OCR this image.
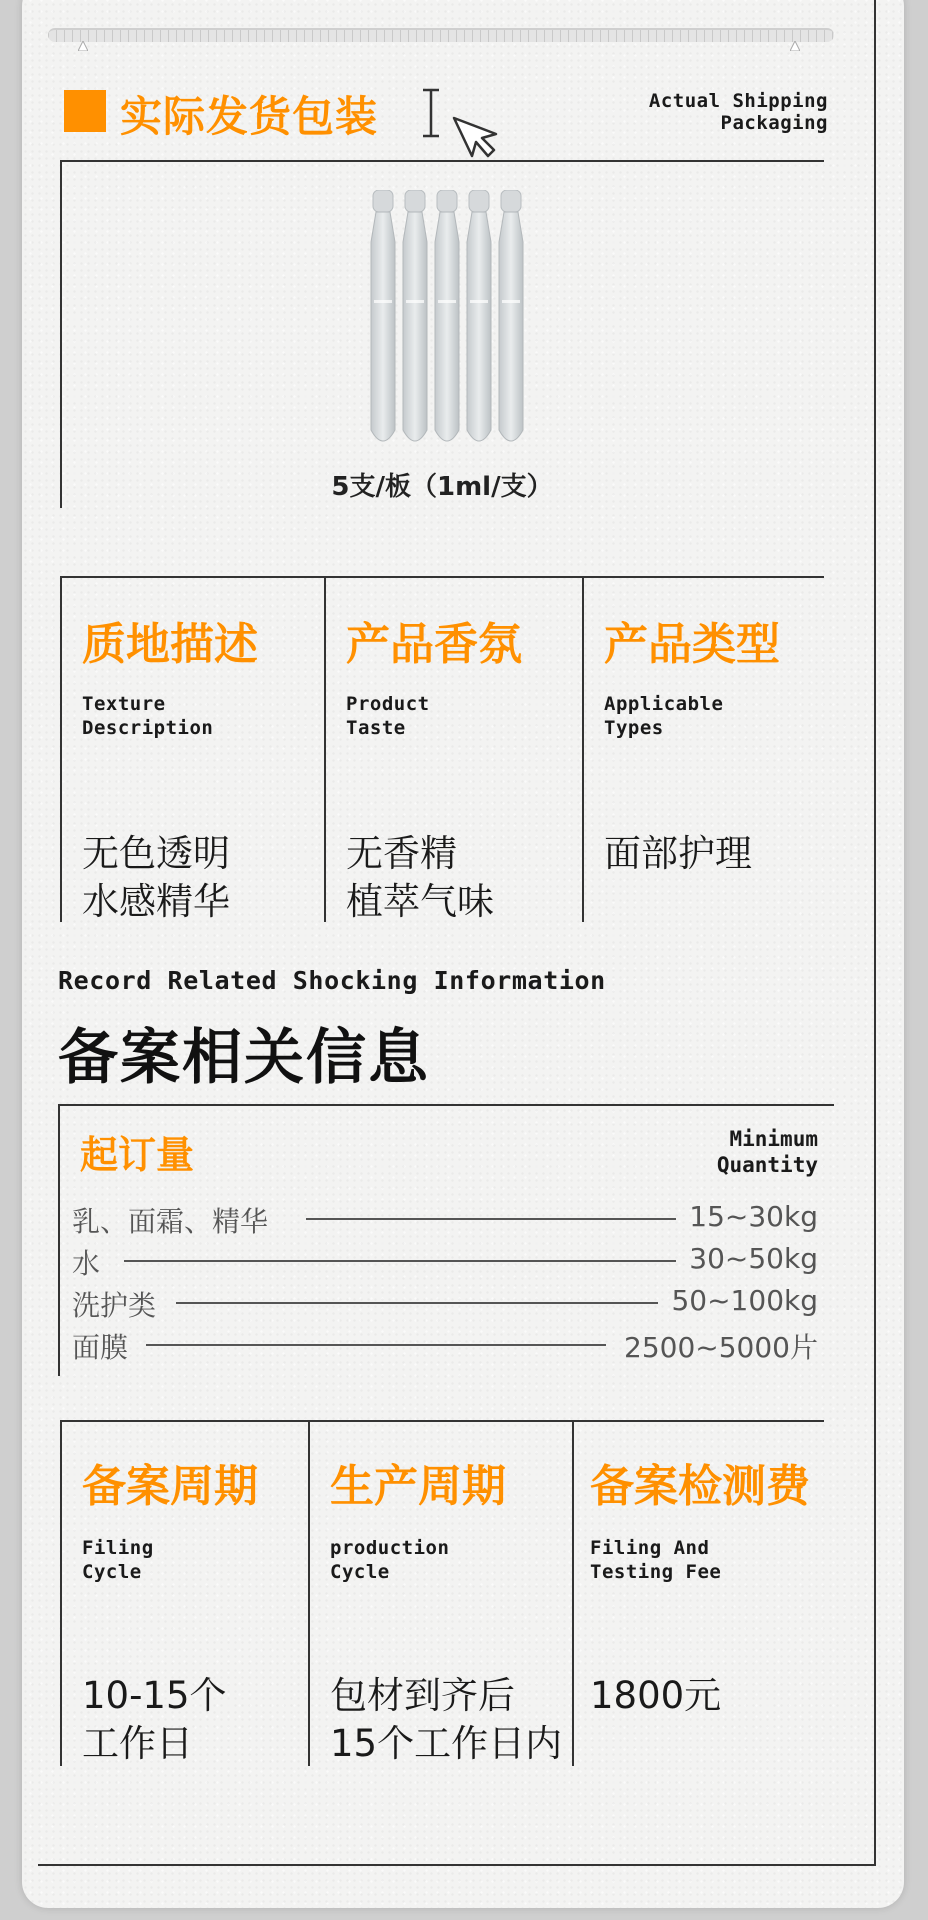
实际发货包装	Actual Shipping
Packaging
5支/板（1ml/支）
质地描述
Texture
Description
无色透明
水感精华
产品香氛
Product
Taste
无香精
植萃气味
产品类型
Applicable
Types
面部护理
Record Related Shocking Information
备案相关信息
起订量	Minimum
Quantity
乳、面霜、精华	15~30kg
水	30~50kg
洗护类	50~100kg
面膜	2500~5000片
备案周期
Filing
Cycle
10-15个
工作日
生产周期
production
Cycle
包材到齐后
15个工作日内
备案检测费
Filing And
Testing Fee
1800元
